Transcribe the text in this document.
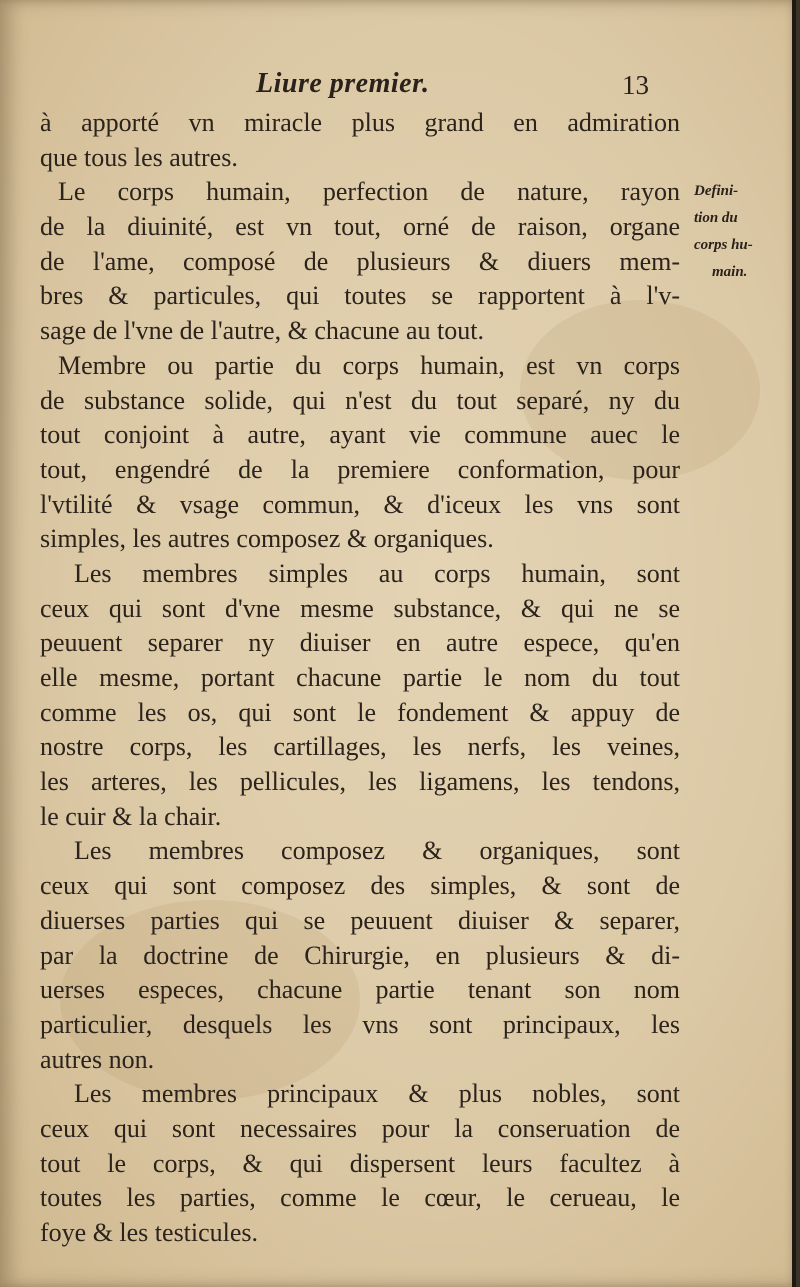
Liure premier.	13
à apporté vn miracle plus grand en admiration
que tous les autres.
Le corps humain, perfection de nature, rayon
de la diuinité, est vn tout, orné de raison, organe
de l'ame, composé de plusieurs & diuers mem-
bres & particules, qui toutes se rapportent à l'v-
sage de l'vne de l'autre, & chacune au tout.
Membre ou partie du corps humain, est vn corps
de substance solide, qui n'est du tout separé, ny du
tout conjoint à autre, ayant vie commune auec le
tout, engendré de la premiere conformation, pour
l'vtilité & vsage commun, & d'iceux les vns sont
simples, les autres composez & organiques.
Les membres simples au corps humain, sont
ceux qui sont d'vne mesme substance, & qui ne se
peuuent separer ny diuiser en autre espece, qu'en
elle mesme, portant chacune partie le nom du tout
comme les os, qui sont le fondement & appuy de
nostre corps, les cartillages, les nerfs, les veines,
les arteres, les pellicules, les ligamens, les tendons,
le cuir & la chair.
Les membres composez & organiques, sont
ceux qui sont composez des simples, & sont de
diuerses parties qui se peuuent diuiser & separer,
par la doctrine de Chirurgie, en plusieurs & di-
uerses especes, chacune partie tenant son nom
particulier, desquels les vns sont principaux, les
autres non.
Les membres principaux & plus nobles, sont
ceux qui sont necessaires pour la conseruation de
tout le corps, & qui dispersent leurs facultez à
toutes les parties, comme le cœur, le cerueau, le
foye & les testicules.
Defini-
tion du
corps hu-
main.
